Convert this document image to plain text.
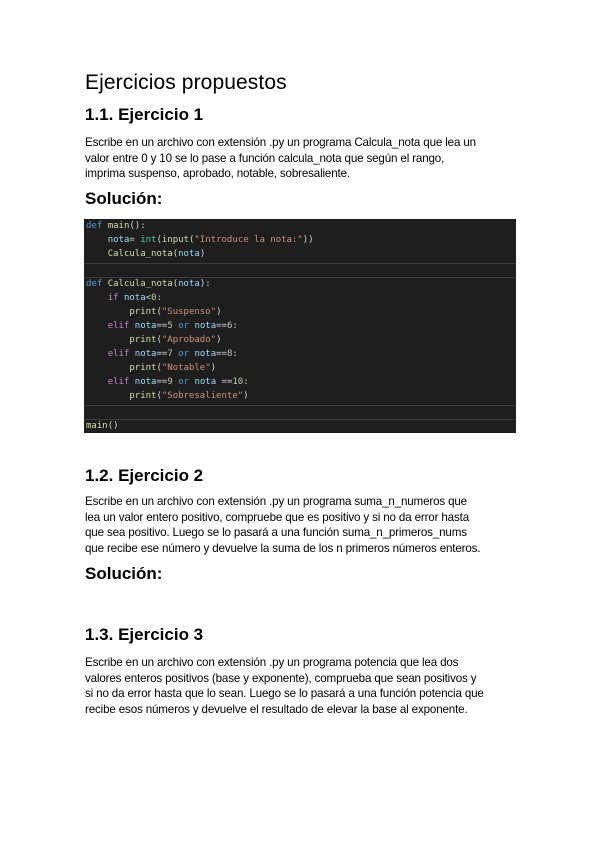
Ejercicios propuestos
1.1. Ejercicio 1

Escribe en un archivo con extensión .py un programa Calcula_nota que lea un
valor entre 0 y 10 se lo pase a función calcula_nota que según el rango,
imprima suspenso, aprobado, notable, sobresaliente.

Solución:
def main():
nota= int(input("Introduce la nota:"))
Calcula_nota(nota)
def Calcula_nota(nota):
if nota<0:
print("Suspenso")
elif nota==5 or nota==6:
print("Aprobado")
elif nota==7 or nota==8:
print("Notable")
elif nota==9 or nota ==10:
print("Sobresaliente")
main()
1.2. Ejercicio 2

Escribe en un archivo con extensión .py un programa suma_n_numeros que
lea un valor entero positivo, compruebe que es positivo y si no da error hasta
que sea positivo. Luego se lo pasará a una función suma_n_primeros_nums
que recibe ese número y devuelve la suma de los n primeros números enteros.

Solución:
1.3. Ejercicio 3

Escribe en un archivo con extensión .py un programa potencia que lea dos
valores enteros positivos (base y exponente), comprueba que sean positivos y
si no da error hasta que lo sean. Luego se lo pasará a una función potencia que
recibe esos números y devuelve el resultado de elevar la base al exponente.
